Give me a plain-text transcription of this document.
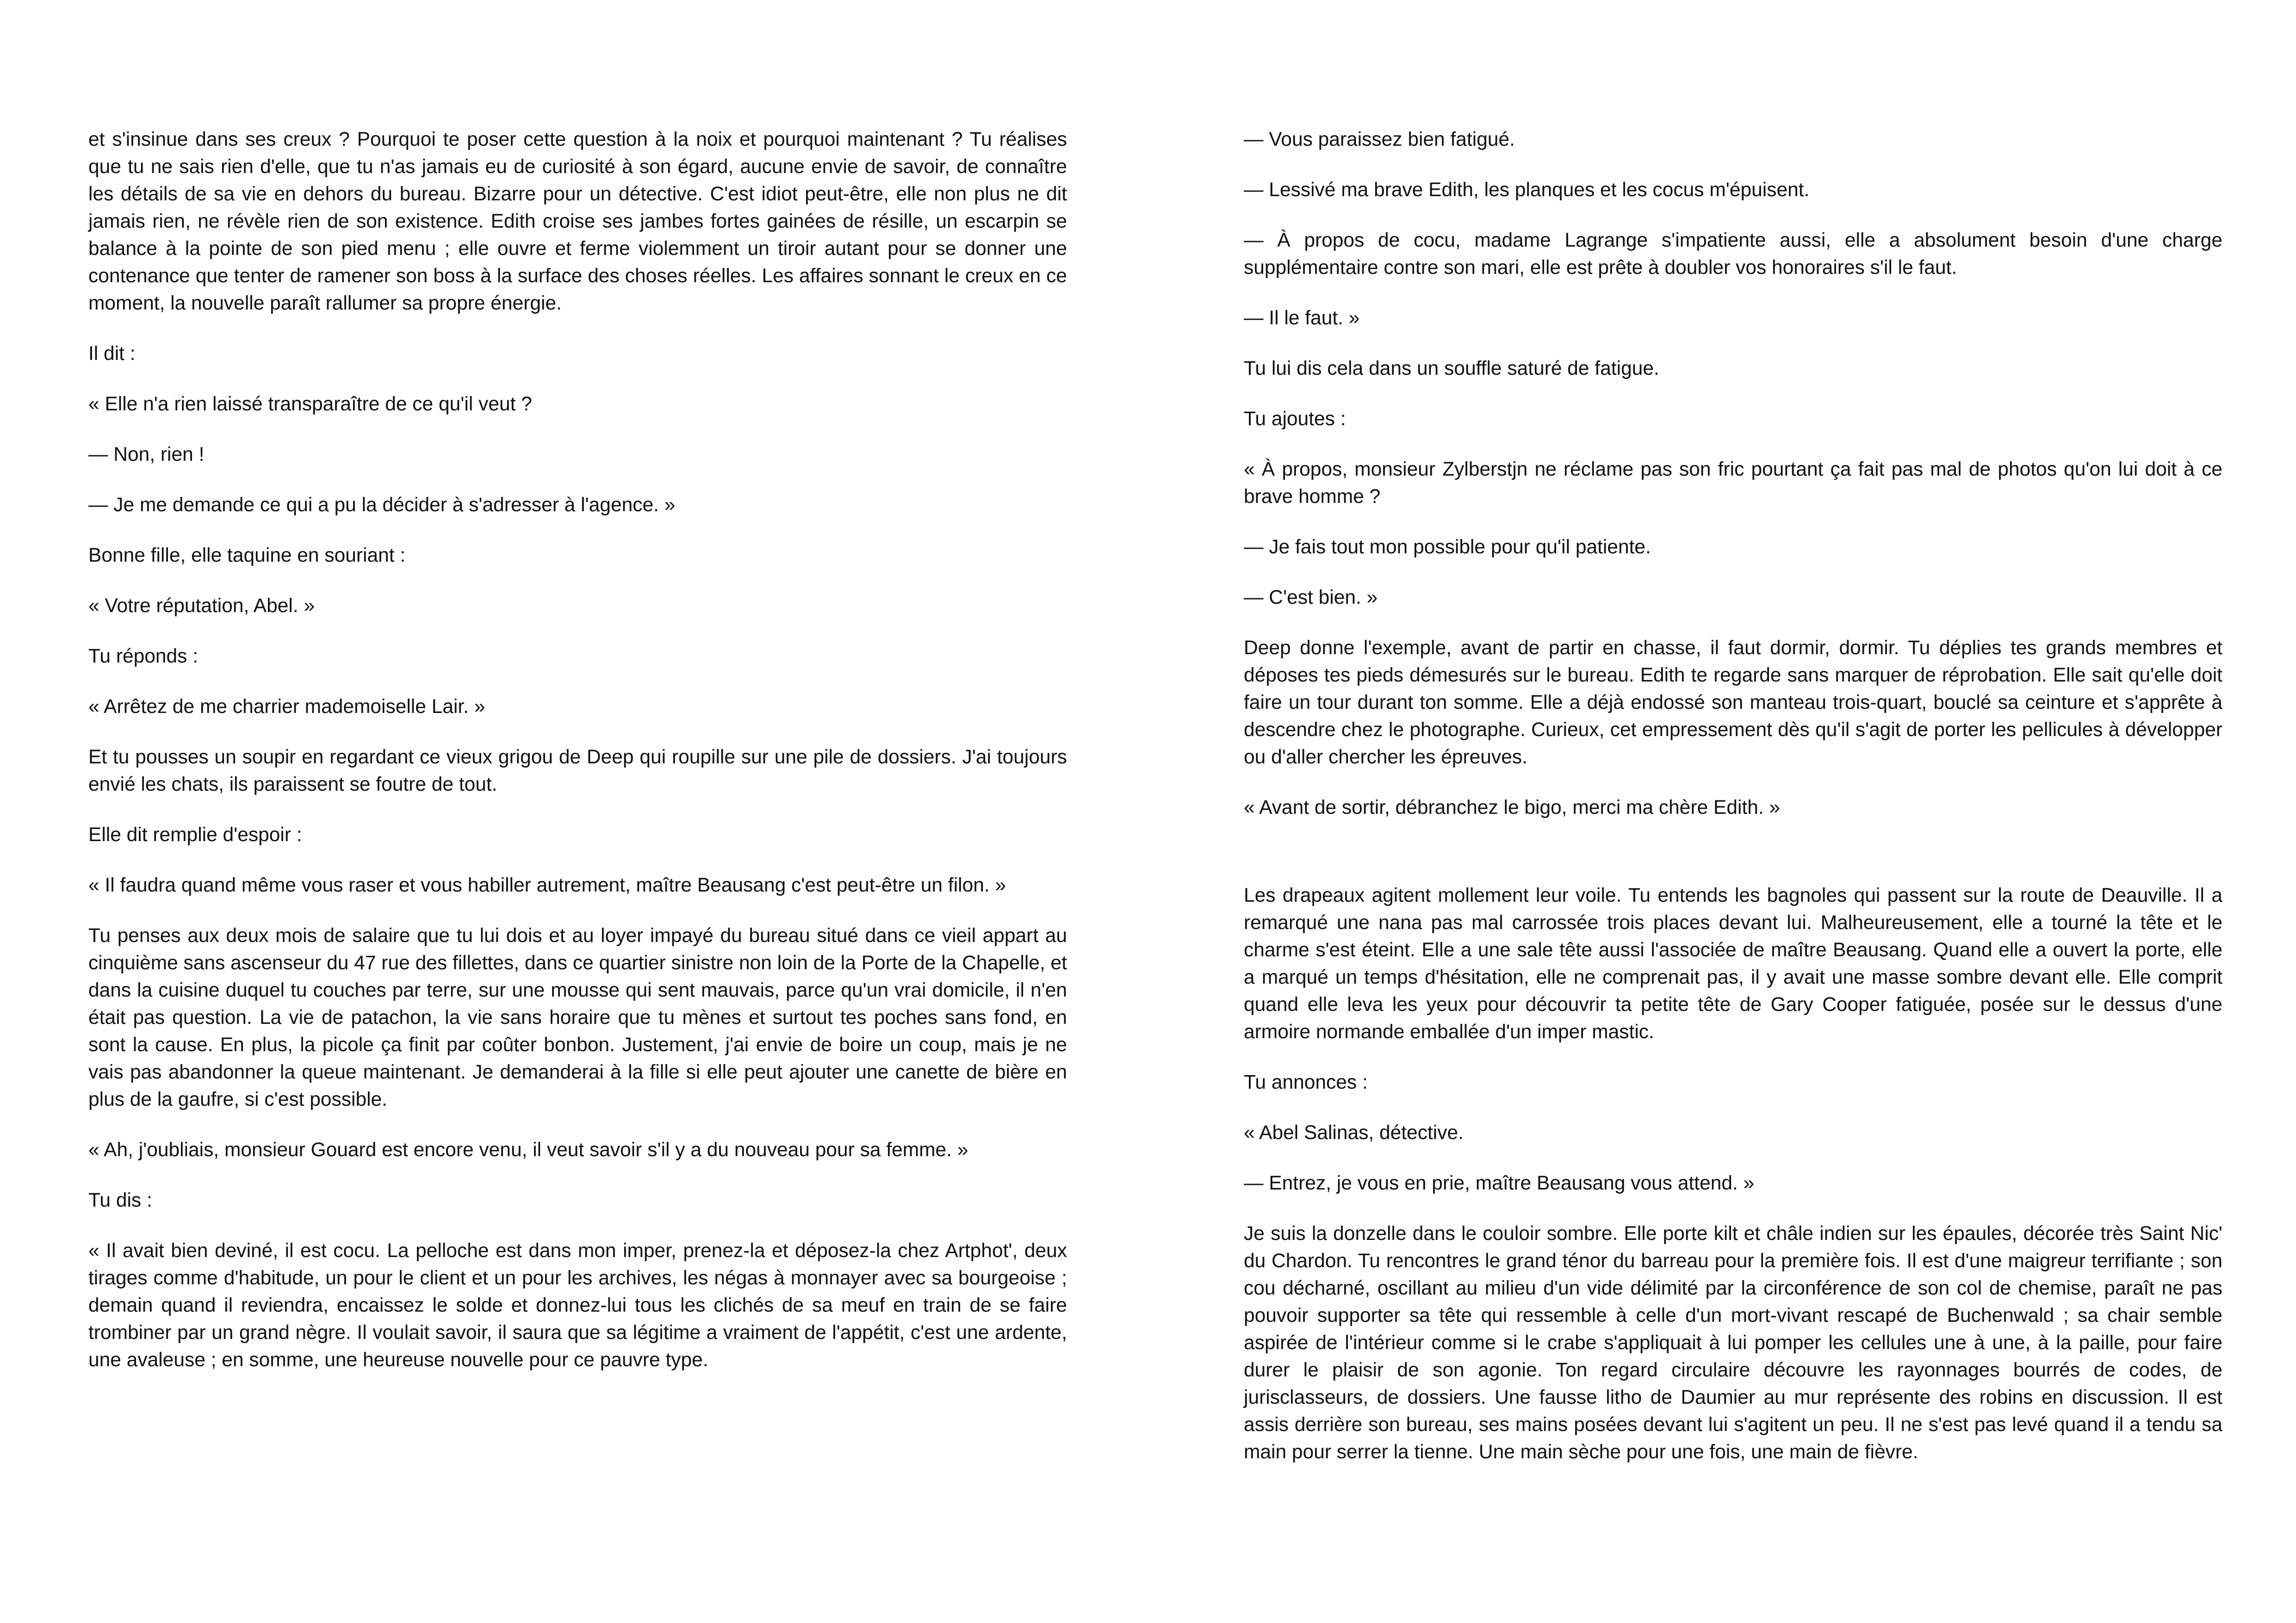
et s'insinue dans ses creux ? Pourquoi te poser cette question à la noix et pourquoi maintenant ? Tu réalises que tu ne sais rien d'elle, que tu n'as jamais eu de curiosité à son égard, aucune envie de savoir, de connaître les détails de sa vie en dehors du bureau. Bizarre pour un détective. C'est idiot peut-être, elle non plus ne dit jamais rien, ne révèle rien de son existence. Edith croise ses jambes fortes gainées de résille, un escarpin se balance à la pointe de son pied menu ; elle ouvre et ferme violemment un tiroir autant pour se donner une contenance que tenter de ramener son boss à la surface des choses réelles. Les affaires sonnant le creux en ce moment, la nouvelle paraît rallumer sa propre énergie.

Il dit :

« Elle n'a rien laissé transparaître de ce qu'il veut ?

— Non, rien !

— Je me demande ce qui a pu la décider à s'adresser à l'agence. »

Bonne fille, elle taquine en souriant :

« Votre réputation, Abel. »

Tu réponds :

« Arrêtez de me charrier mademoiselle Lair. »

Et tu pousses un soupir en regardant ce vieux grigou de Deep qui roupille sur une pile de dossiers. J'ai toujours envié les chats, ils paraissent se foutre de tout.

Elle dit remplie d'espoir :

« Il faudra quand même vous raser et vous habiller autrement, maître Beausang c'est peut-être un filon. »

Tu penses aux deux mois de salaire que tu lui dois et au loyer impayé du bureau situé dans ce vieil appart au cinquième sans ascenseur du 47 rue des fillettes, dans ce quartier sinistre non loin de la Porte de la Chapelle, et dans la cuisine duquel tu couches par terre, sur une mousse qui sent mauvais, parce qu'un vrai domicile, il n'en était pas question. La vie de patachon, la vie sans horaire que tu mènes et surtout tes poches sans fond, en sont la cause. En plus, la picole ça finit par coûter bonbon. Justement, j'ai envie de boire un coup, mais je ne vais pas abandonner la queue maintenant. Je demanderai à la fille si elle peut ajouter une canette de bière en plus de la gaufre, si c'est possible.

« Ah, j'oubliais, monsieur Gouard est encore venu, il veut savoir s'il y a du nouveau pour sa femme. »

Tu dis :

« Il avait bien deviné, il est cocu. La pelloche est dans mon imper, prenez-la et déposez-la chez Artphot', deux tirages comme d'habitude, un pour le client et un pour les archives, les négas à monnayer avec sa bourgeoise ; demain quand il reviendra, encaissez le solde et donnez-lui tous les clichés de sa meuf en train de se faire trombiner par un grand nègre. Il voulait savoir, il saura que sa légitime a vraiment de l'appétit, c'est une ardente, une avaleuse ; en somme, une heureuse nouvelle pour ce pauvre type.

— Vous paraissez bien fatigué.

— Lessivé ma brave Edith, les planques et les cocus m'épuisent.

— À propos de cocu, madame Lagrange s'impatiente aussi, elle a absolument besoin d'une charge supplémentaire contre son mari, elle est prête à doubler vos honoraires s'il le faut.

— Il le faut. »

Tu lui dis cela dans un souffle saturé de fatigue.

Tu ajoutes :

« À propos, monsieur Zylberstjn ne réclame pas son fric pourtant ça fait pas mal de photos qu'on lui doit à ce brave homme ?

— Je fais tout mon possible pour qu'il patiente.

— C'est bien. »

Deep donne l'exemple, avant de partir en chasse, il faut dormir, dormir. Tu déplies tes grands membres et déposes tes pieds démesurés sur le bureau. Edith te regarde sans marquer de réprobation. Elle sait qu'elle doit faire un tour durant ton somme. Elle a déjà endossé son manteau trois-quart, bouclé sa ceinture et s'apprête à descendre chez le photographe. Curieux, cet empressement dès qu'il s'agit de porter les pellicules à développer ou d'aller chercher les épreuves.

« Avant de sortir, débranchez le bigo, merci ma chère Edith. »

Les drapeaux agitent mollement leur voile. Tu entends les bagnoles qui passent sur la route de Deauville. Il a remarqué une nana pas mal carrossée trois places devant lui. Malheureusement, elle a tourné la tête et le charme s'est éteint. Elle a une sale tête aussi l'associée de maître Beausang. Quand elle a ouvert la porte, elle a marqué un temps d'hésitation, elle ne comprenait pas, il y avait une masse sombre devant elle. Elle comprit quand elle leva les yeux pour découvrir ta petite tête de Gary Cooper fatiguée, posée sur le dessus d'une armoire normande emballée d'un imper mastic.

Tu annonces :

« Abel Salinas, détective.

— Entrez, je vous en prie, maître Beausang vous attend. »

Je suis la donzelle dans le couloir sombre. Elle porte kilt et châle indien sur les épaules, décorée très Saint Nic' du Chardon. Tu rencontres le grand ténor du barreau pour la première fois. Il est d'une maigreur terrifiante ; son cou décharné, oscillant au milieu d'un vide délimité par la circonférence de son col de chemise, paraît ne pas pouvoir supporter sa tête qui ressemble à celle d'un mort-vivant rescapé de Buchenwald ; sa chair semble aspirée de l'intérieur comme si le crabe s'appliquait à lui pomper les cellules une à une, à la paille, pour faire durer le plaisir de son agonie. Ton regard circulaire découvre les rayonnages bourrés de codes, de jurisclasseurs, de dossiers. Une fausse litho de Daumier au mur représente des robins en discussion. Il est assis derrière son bureau, ses mains posées devant lui s'agitent un peu. Il ne s'est pas levé quand il a tendu sa main pour serrer la tienne. Une main sèche pour une fois, une main de fièvre.
